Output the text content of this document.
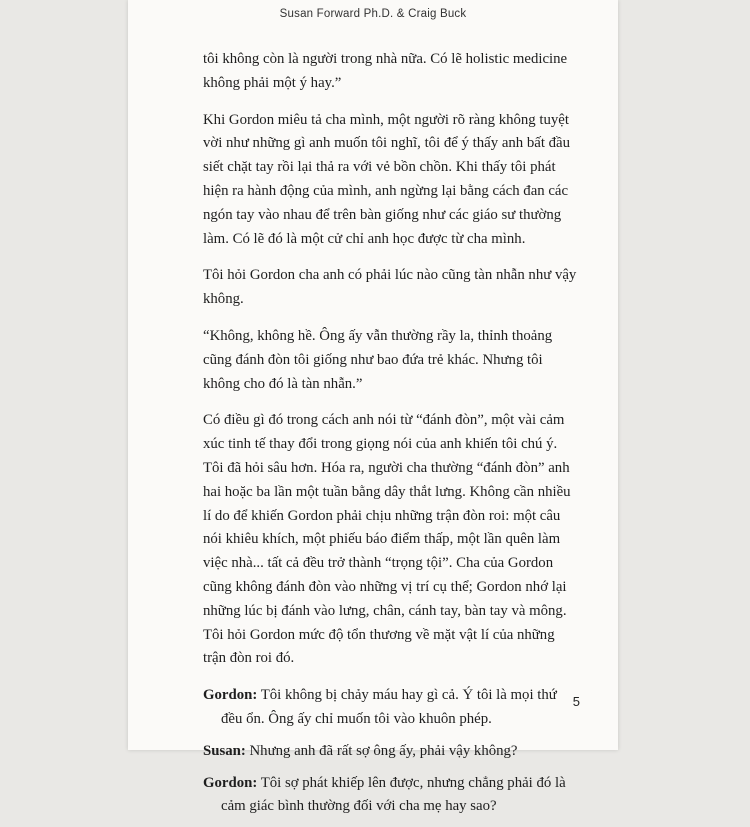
Susan Forward Ph.D. & Craig Buck

tôi không còn là người trong nhà nữa. Có lẽ holistic medicine không phải một ý hay.”

Khi Gordon miêu tả cha mình, một người rõ ràng không tuyệt vời như những gì anh muốn tôi nghĩ, tôi để ý thấy anh bất đầu siết chặt tay rồi lại thả ra với vẻ bồn chồn. Khi thấy tôi phát hiện ra hành động của mình, anh ngừng lại bằng cách đan các ngón tay vào nhau để trên bàn giống như các giáo sư thường làm. Có lẽ đó là một cử chỉ anh học được từ cha mình.

Tôi hỏi Gordon cha anh có phải lúc nào cũng tàn nhẫn như vậy không.

“Không, không hề. Ông ấy vẫn thường rầy la, thỉnh thoảng cũng đánh đòn tôi giống như bao đứa trẻ khác. Nhưng tôi không cho đó là tàn nhẫn.”

Có điều gì đó trong cách anh nói từ “đánh đòn”, một vài cảm xúc tinh tế thay đổi trong giọng nói của anh khiến tôi chú ý. Tôi đã hỏi sâu hơn. Hóa ra, người cha thường “đánh đòn” anh hai hoặc ba lần một tuần bằng dây thắt lưng. Không cần nhiều lí do để khiến Gordon phải chịu những trận đòn roi: một câu nói khiêu khích, một phiếu báo điểm thấp, một lần quên làm việc nhà... tất cả đều trở thành “trọng tội”. Cha của Gordon cũng không đánh đòn vào những vị trí cụ thể; Gordon nhớ lại những lúc bị đánh vào lưng, chân, cánh tay, bàn tay và mông. Tôi hỏi Gordon mức độ tổn thương về mặt vật lí của những trận đòn roi đó.

Gordon: Tôi không bị chảy máu hay gì cả. Ý tôi là mọi thứ đều ổn. Ông ấy chỉ muốn tôi vào khuôn phép.

Susan: Nhưng anh đã rất sợ ông ấy, phải vậy không?

Gordon: Tôi sợ phát khiếp lên được, nhưng chẳng phải đó là cảm giác bình thường đối với cha mẹ hay sao?

5
